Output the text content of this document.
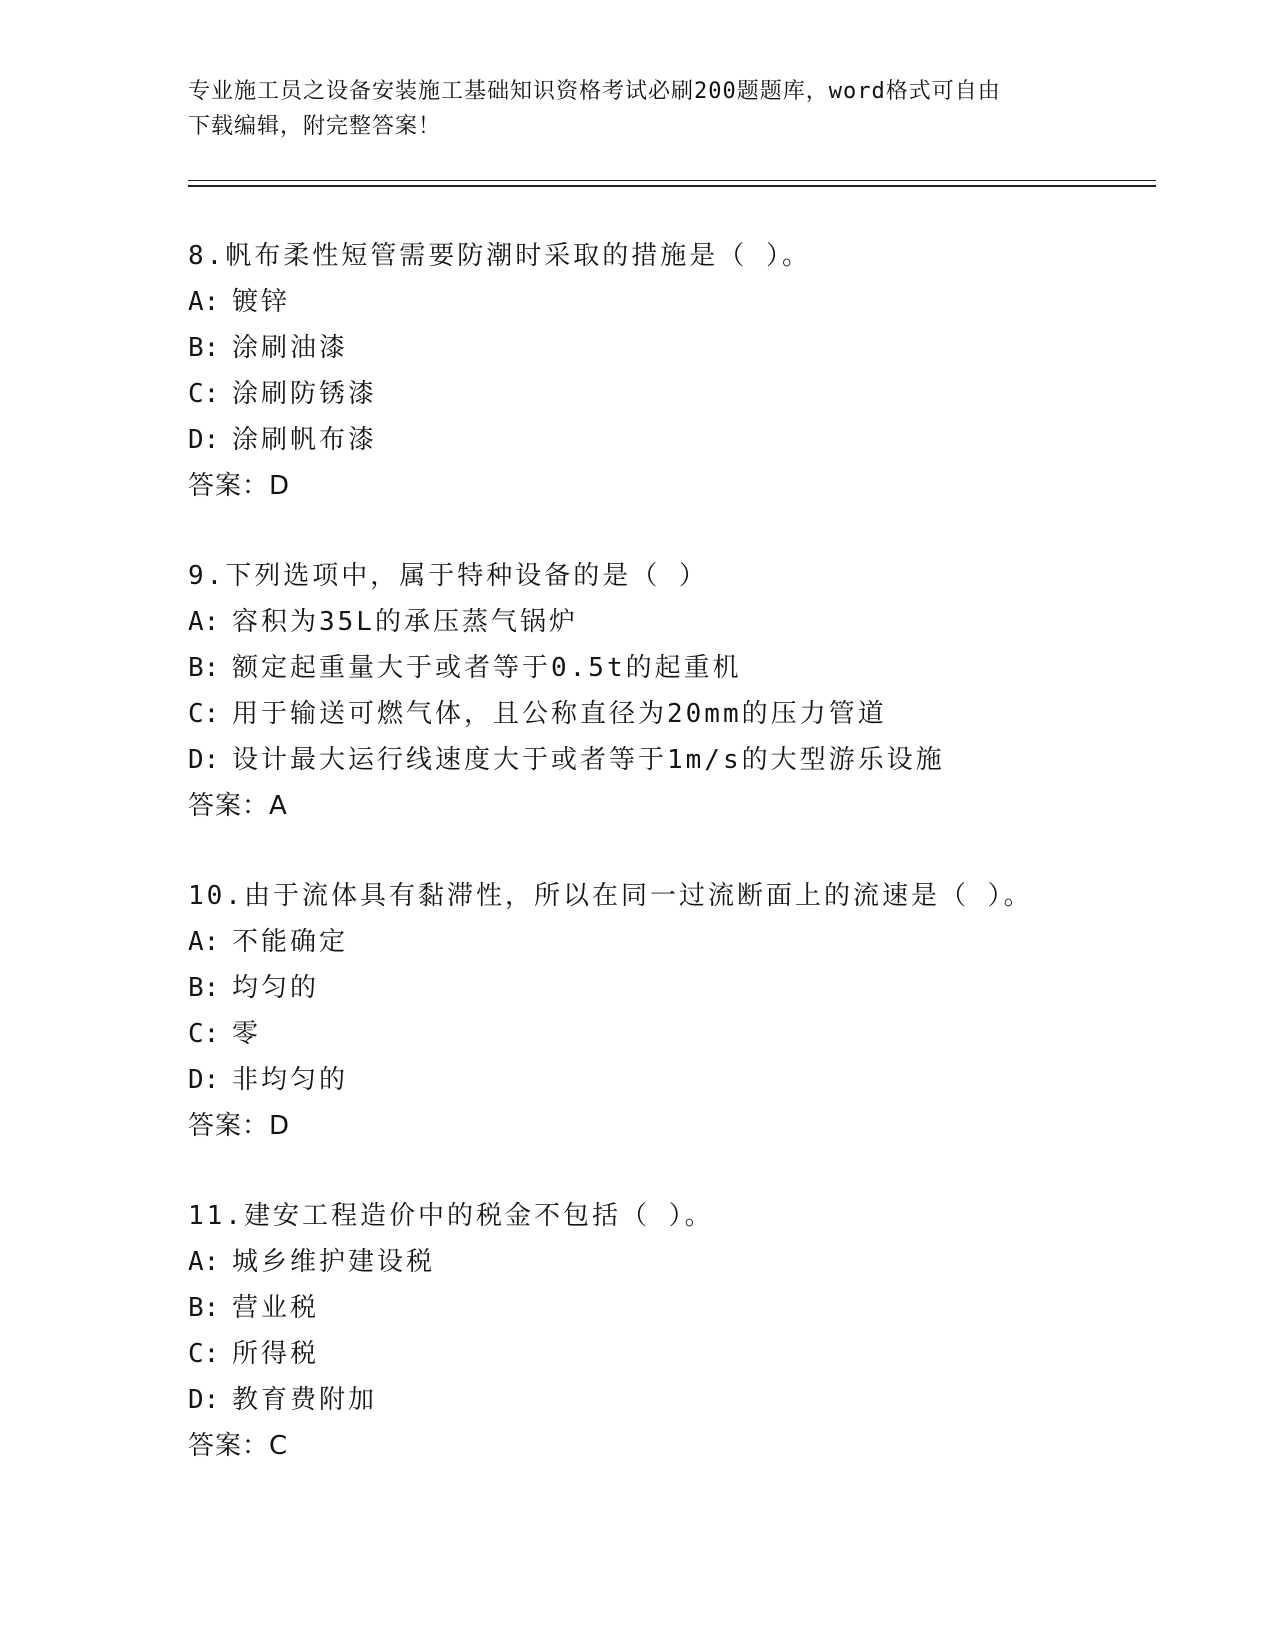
专业施工员之设备安装施工基础知识资格考试必刷200题题库，word格式可自由
下载编辑，附完整答案！
8.帆布柔性短管需要防潮时采取的措施是（ ）。
A: 镀锌
B: 涂刷油漆
C: 涂刷防锈漆
D: 涂刷帆布漆
答案：D
9.下列选项中，属于特种设备的是（ ）
A: 容积为35L的承压蒸气锅炉
B: 额定起重量大于或者等于0.5t的起重机
C: 用于输送可燃气体，且公称直径为20mm的压力管道
D: 设计最大运行线速度大于或者等于1m/s的大型游乐设施
答案：A
10.由于流体具有黏滞性，所以在同一过流断面上的流速是（ ）。
A: 不能确定
B: 均匀的
C: 零
D: 非均匀的
答案：D
11.建安工程造价中的税金不包括（ ）。
A: 城乡维护建设税
B: 营业税
C: 所得税
D: 教育费附加
答案：C
